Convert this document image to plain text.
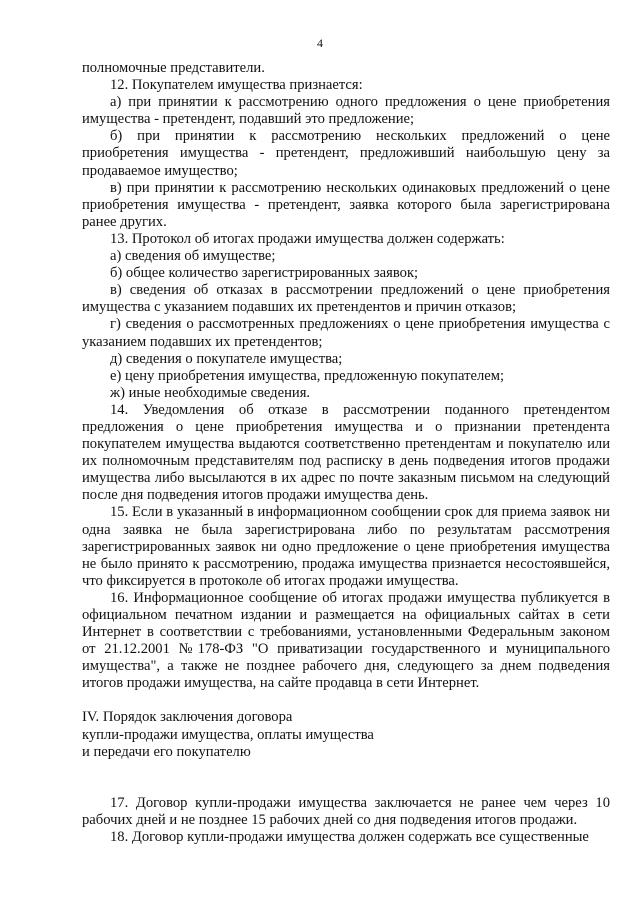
4

полномочные представители.

12. Покупателем имущества признается:

а) при принятии к рассмотрению одного предложения о цене приобретения имущества - претендент, подавший это предложение;

б) при принятии к рассмотрению нескольких предложений о цене приобретения имущества - претендент, предложивший наибольшую цену за продаваемое имущество;

в) при принятии к рассмотрению нескольких одинаковых предложений о цене приобретения имущества - претендент, заявка которого была зарегистрирована ранее других.

13. Протокол об итогах продажи имущества должен содержать:

а) сведения об имуществе;

б) общее количество зарегистрированных заявок;

в) сведения об отказах в рассмотрении предложений о цене приобретения имущества с указанием подавших их претендентов и причин отказов;

г) сведения о рассмотренных предложениях о цене приобретения имущества с указанием подавших их претендентов;

д) сведения о покупателе имущества;

е) цену приобретения имущества, предложенную покупателем;

ж) иные необходимые сведения.

14. Уведомления об отказе в рассмотрении поданного претендентом предложения о цене приобретения имущества и о признании претендента покупателем имущества выдаются соответственно претендентам и покупателю или их полномочным представителям под расписку в день подведения итогов продажи имущества либо высылаются в их адрес по почте заказным письмом на следующий после дня подведения итогов продажи имущества день.

15. Если в указанный в информационном сообщении срок для приема заявок ни одна заявка не была зарегистрирована либо по результатам рассмотрения зарегистрированных заявок ни одно предложение о цене приобретения имущества не было принято к рассмотрению, продажа имущества признается несостоявшейся, что фиксируется в протоколе об итогах продажи имущества.

16. Информационное сообщение об итогах продажи имущества публикуется в официальном печатном издании и размещается на официальных сайтах в сети Интернет в соответствии с требованиями, установленными Федеральным законом от 21.12.2001 №178-ФЗ "О приватизации государственного и муниципального имущества", а также не позднее рабочего дня, следующего за днем подведения итогов продажи имущества, на сайте продавца в сети Интернет.

IV. Порядок заключения договора

купли-продажи имущества, оплаты имущества

и передачи его покупателю

17. Договор купли-продажи имущества заключается не ранее чем через 10 рабочих дней и не позднее 15 рабочих дней со дня подведения итогов продажи.

18. Договор купли-продажи имущества должен содержать все существенные
